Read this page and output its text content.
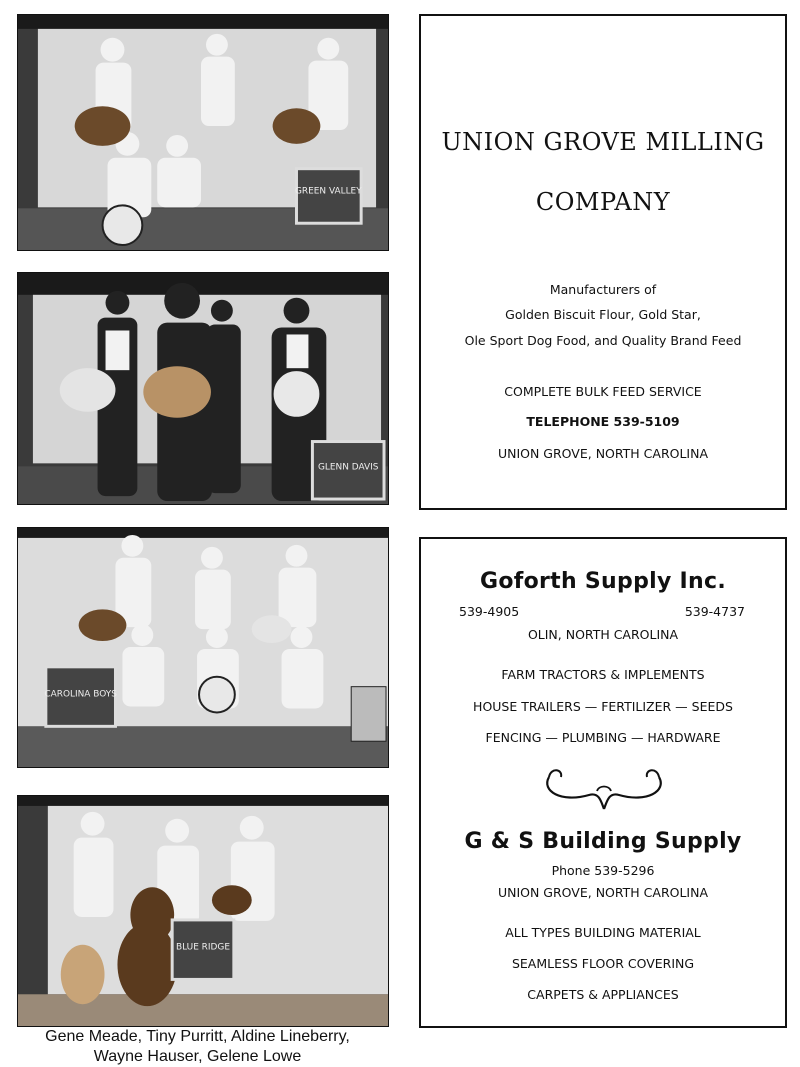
GREEN VALLEY
GLENN DAVIS
CAROLINA BOYS
BLUE RIDGE
Gene Meade, Tiny Purritt, Aldine Lineberry,
Wayne Hauser, Gelene Lowe
UNION GROVE MILLING
COMPANY
Manufacturers of
Golden Biscuit Flour, Gold Star,
Ole Sport Dog Food, and Quality Brand Feed
COMPLETE BULK FEED SERVICE
TELEPHONE 539-5109
UNION GROVE, NORTH CAROLINA
Goforth Supply Inc.
539-4905	539-4737
OLIN, NORTH CAROLINA
FARM TRACTORS & IMPLEMENTS
HOUSE TRAILERS — FERTILIZER — SEEDS
FENCING — PLUMBING — HARDWARE
G & S Building Supply
Phone 539-5296
UNION GROVE, NORTH CAROLINA
ALL TYPES BUILDING MATERIAL
SEAMLESS FLOOR COVERING
CARPETS & APPLIANCES
